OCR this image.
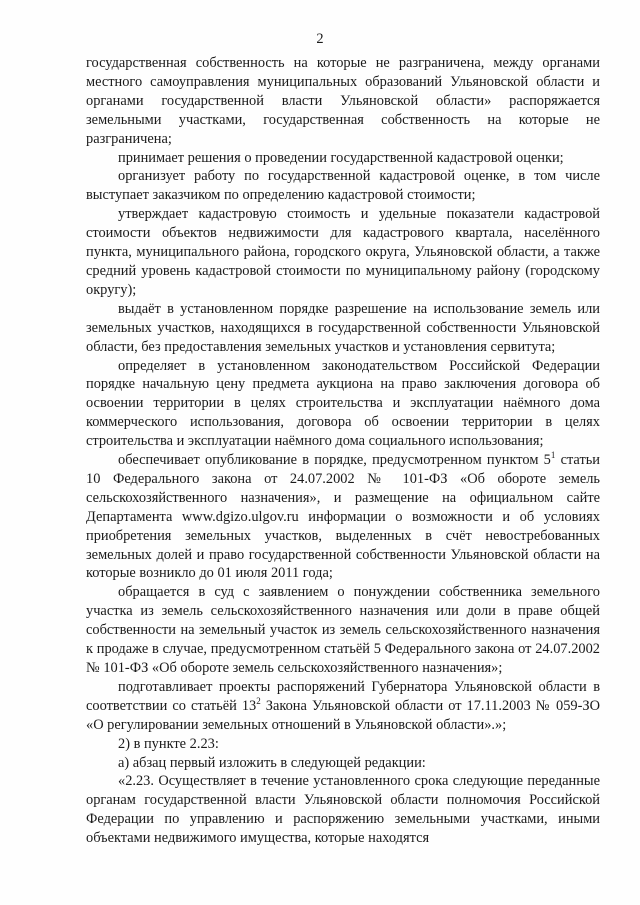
2

государственная собственность на которые не разграничена, между органами местного самоуправления муниципальных образований Ульяновской области и органами государственной власти Ульяновской области» распоряжается земельными участками, государственная собственность на которые не разграничена;

принимает решения о проведении государственной кадастровой оценки;

организует работу по государственной кадастровой оценке, в том числе выступает заказчиком по определению кадастровой стоимости;

утверждает кадастровую стоимость и удельные показатели кадастровой стоимости объектов недвижимости для кадастрового квартала, населённого пункта, муниципального района, городского округа, Ульяновской области, а также средний уровень кадастровой стоимости по муниципальному району (городскому округу);

выдаёт в установленном порядке разрешение на использование земель или земельных участков, находящихся в государственной собственности Ульяновской области, без предоставления земельных участков и установления сервитута;

определяет в установленном законодательством Российской Федерации порядке начальную цену предмета аукциона на право заключения договора об освоении территории в целях строительства и эксплуатации наёмного дома коммерческого использования, договора об освоении территории в целях строительства и эксплуатации наёмного дома социального использования;

обеспечивает опубликование в порядке, предусмотренном пунктом $5^1$ статьи 10 Федерального закона от 24.07.2002 № 101-ФЗ «Об обороте земель сельскохозяйственного назначения», и размещение на официальном сайте Департамента www.dgizo.ulgov.ru информации о возможности и об условиях приобретения земельных участков, выделенных в счёт невостребованных земельных долей и право государственной собственности Ульяновской области на которые возникло до 01 июля 2011 года;

обращается в суд с заявлением о понуждении собственника земельного участка из земель сельскохозяйственного назначения или доли в праве общей собственности на земельный участок из земель сельскохозяйственного назначения к продаже в случае, предусмотренном статьёй 5 Федерального закона от 24.07.2002 № 101-ФЗ «Об обороте земель сельскохозяйственного назначения»;

подготавливает проекты распоряжений Губернатора Ульяновской области в соответствии со статьёй $13^2$ Закона Ульяновской области от 17.11.2003 № 059-ЗО «О регулировании земельных отношений в Ульяновской области».»;

2) в пункте 2.23:

а) абзац первый изложить в следующей редакции:

«2.23. Осуществляет в течение установленного срока следующие переданные органам государственной власти Ульяновской области полномочия Российской Федерации по управлению и распоряжению земельными участками, иными объектами недвижимого имущества, которые находятся
